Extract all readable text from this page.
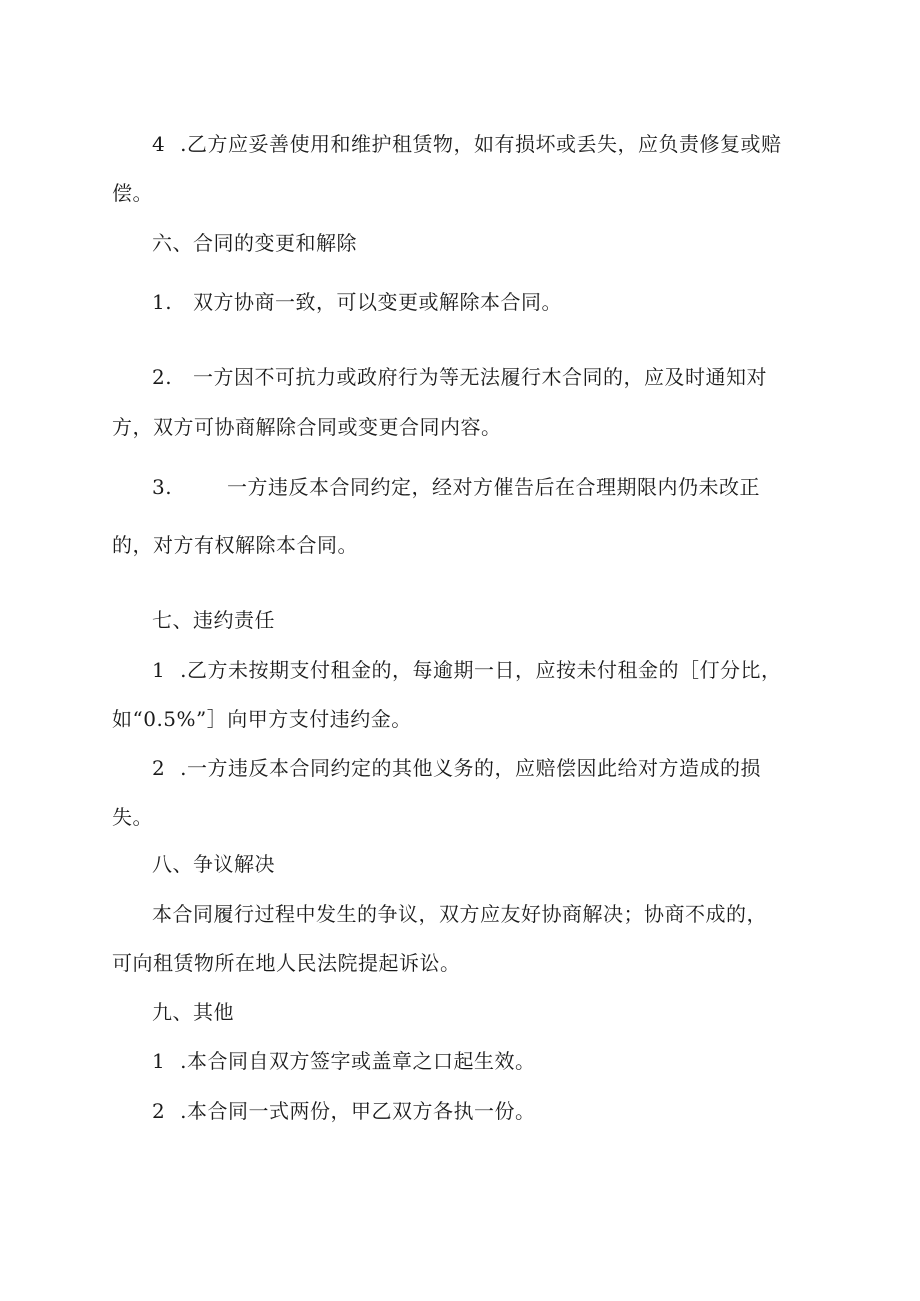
4 .乙方应妥善使用和维护租赁物，如有损坏或丢失，应负责修复或赔
偿。
六、合同的变更和解除
1. 双方协商一致，可以变更或解除本合同。
2. 一方因不可抗力或政府行为等无法履行木合同的，应及时通知对
方，双方可协商解除合同或变更合同内容。
3.	一方违反本合同约定，经对方催告后在合理期限内仍未改正
的，对方有权解除本合同。
七、违约责任
1 .乙方未按期支付租金的，每逾期一日，应按未付租金的［仃分比，
如“0.5%”］向甲方支付违约金。
2 .一方违反本合同约定的其他义务的，应赔偿因此给对方造成的损
失。
八、争议解决
本合同履行过程中发生的争议，双方应友好协商解决；协商不成的，
可向租赁物所在地人民法院提起诉讼。
九、其他
1 .本合同自双方签字或盖章之口起生效。
2 .本合同一式两份，甲乙双方各执一份。
